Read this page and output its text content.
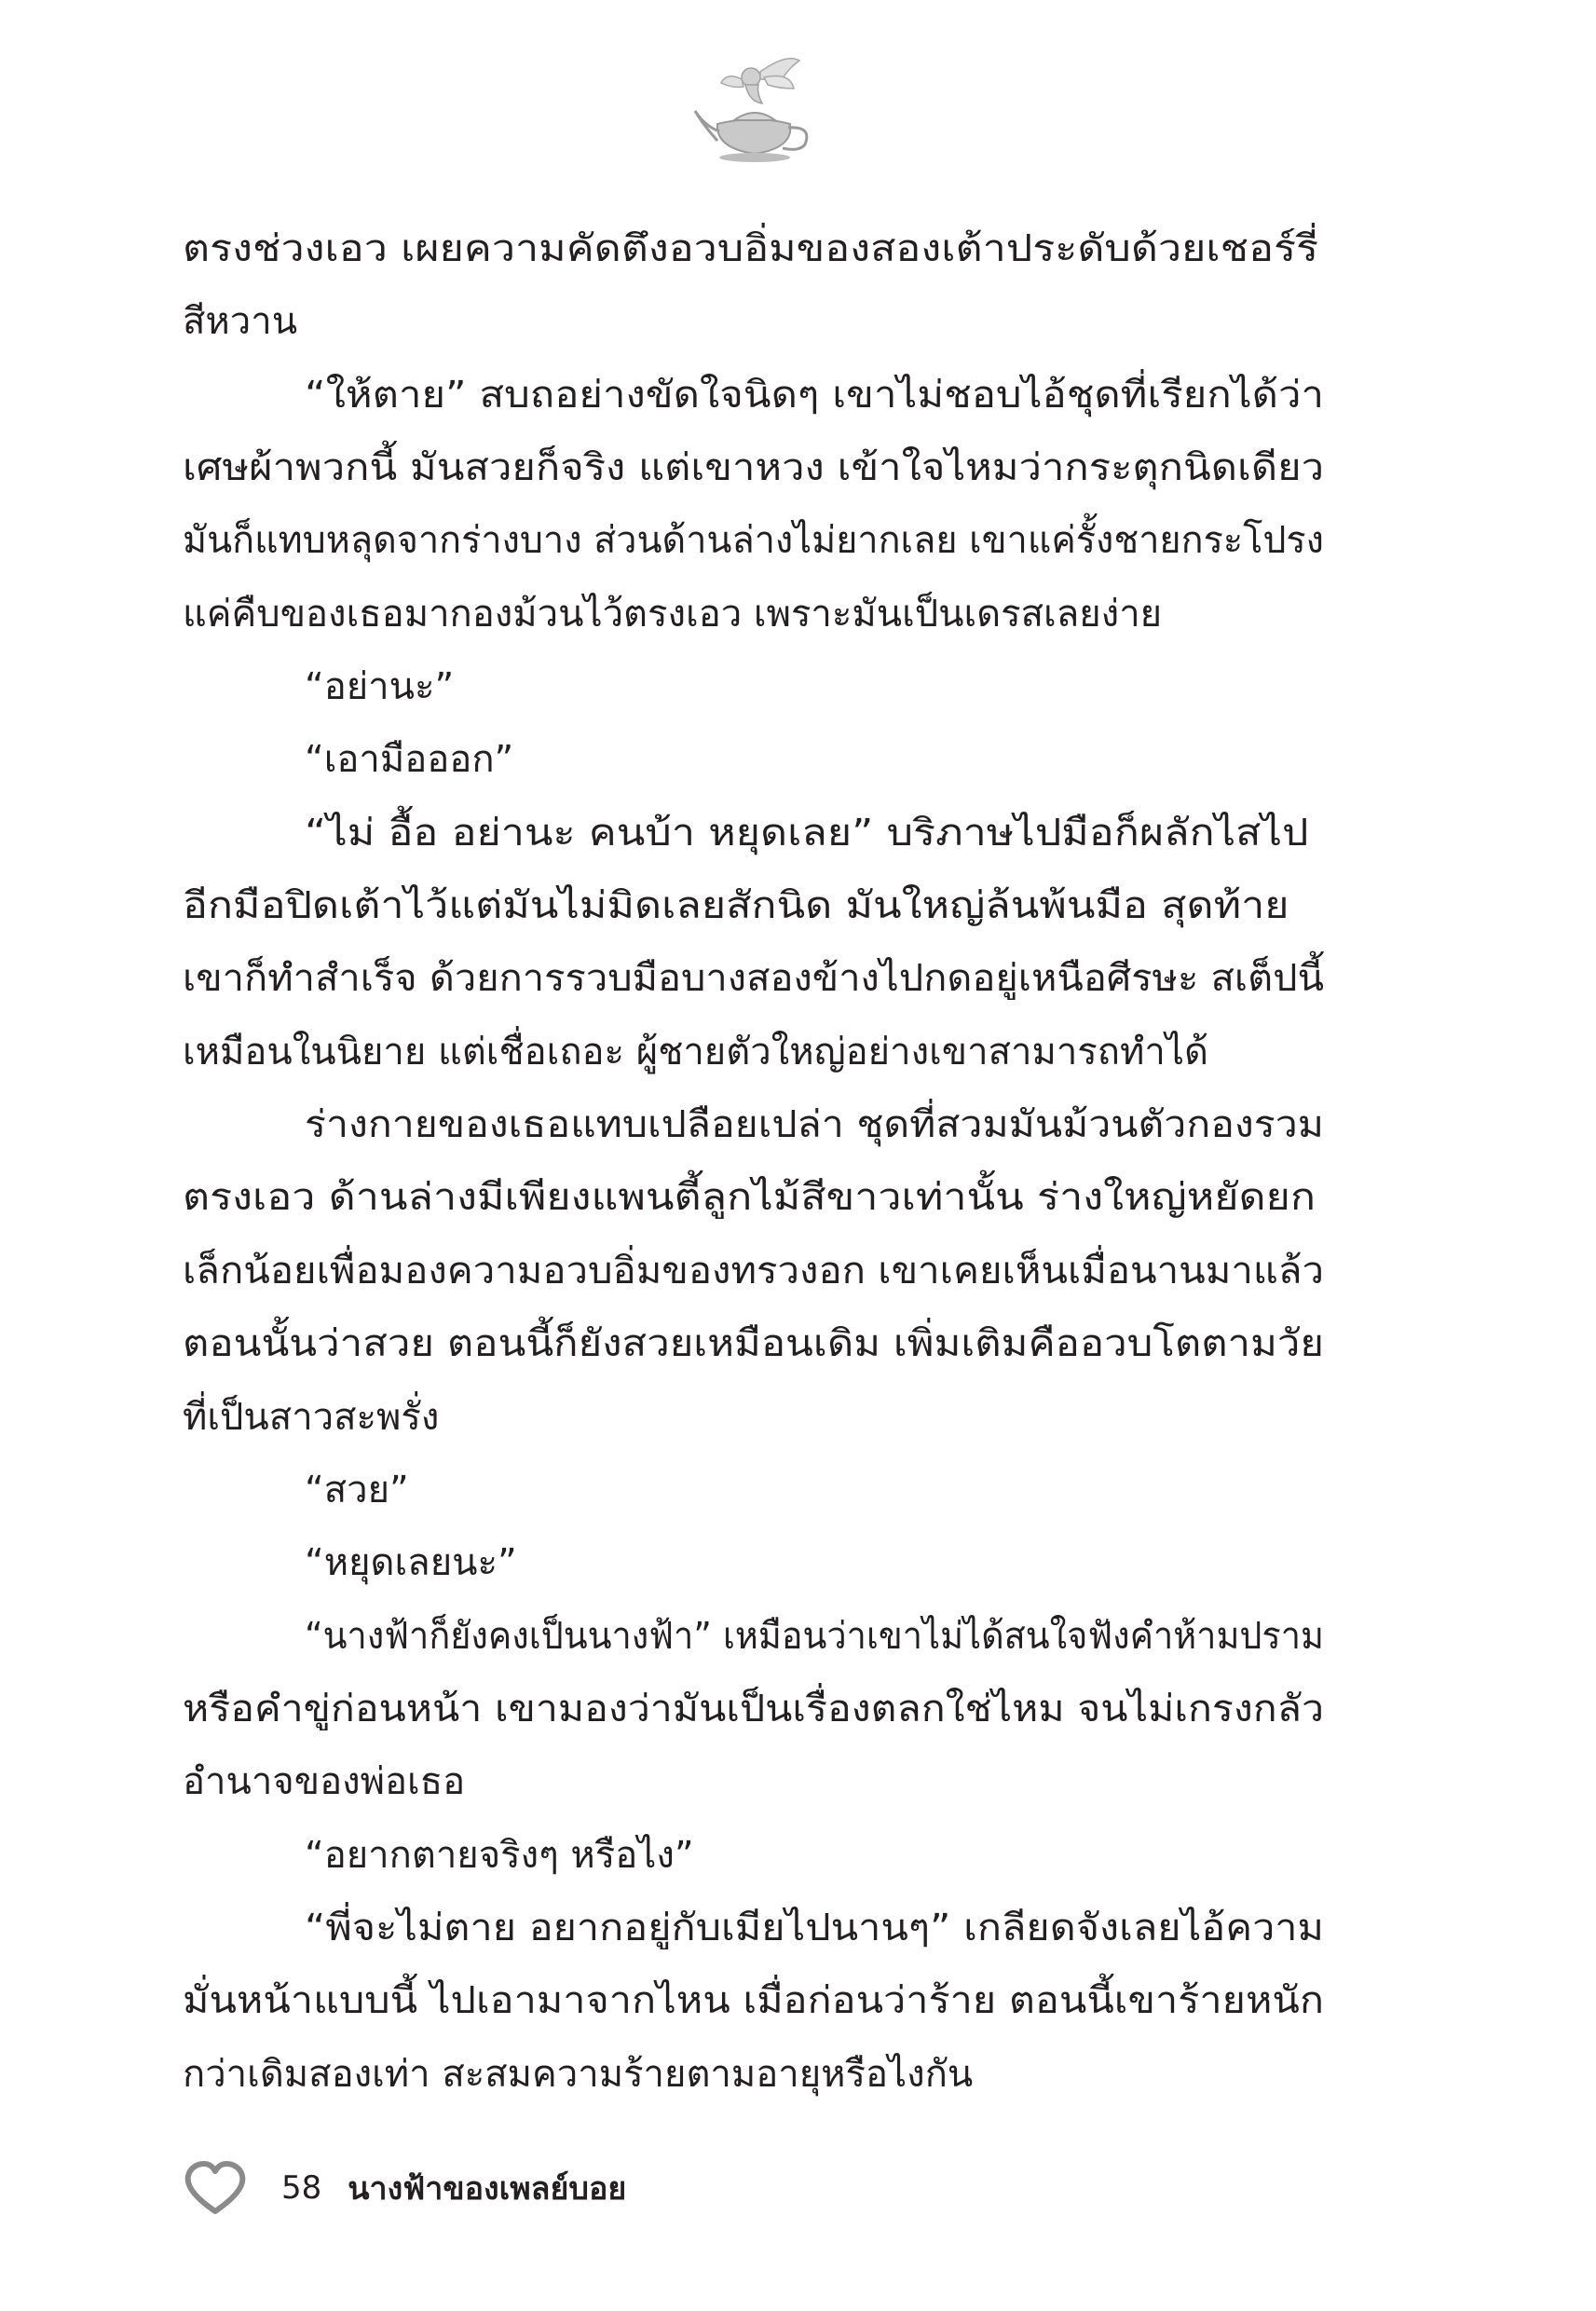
ตรงช่วงเอว เผยความคัดตึงอวบอิ่มของสองเต้าประดับด้วยเชอร์รี่
สีหวาน
“ให้ตาย” สบถอย่างขัดใจนิดๆ เขาไม่ชอบไอ้ชุดที่เรียกได้ว่า
เศษผ้าพวกนี้ มันสวยก็จริง แต่เขาหวง เข้าใจไหมว่ากระตุกนิดเดียว
มันก็แทบหลุดจากร่างบาง ส่วนด้านล่างไม่ยากเลย เขาแค่รั้งชายกระโปรง
แค่คืบของเธอมากองม้วนไว้ตรงเอว เพราะมันเป็นเดรสเลยง่าย
“อย่านะ”
“เอามือออก”
“ไม่ อื้อ อย่านะ คนบ้า หยุดเลย” บริภาษไปมือก็ผลักไสไป
อีกมือปิดเต้าไว้แต่มันไม่มิดเลยสักนิด มันใหญ่ล้นพ้นมือ สุดท้าย
เขาก็ทำสำเร็จ ด้วยการรวบมือบางสองข้างไปกดอยู่เหนือศีรษะ สเต็ปนี้
เหมือนในนิยาย แต่เชื่อเถอะ ผู้ชายตัวใหญ่อย่างเขาสามารถทำได้
ร่างกายของเธอแทบเปลือยเปล่า ชุดที่สวมมันม้วนตัวกองรวม
ตรงเอว ด้านล่างมีเพียงแพนตี้ลูกไม้สีขาวเท่านั้น ร่างใหญ่หยัดยก
เล็กน้อยเพื่อมองความอวบอิ่มของทรวงอก เขาเคยเห็นเมื่อนานมาแล้ว
ตอนนั้นว่าสวย ตอนนี้ก็ยังสวยเหมือนเดิม เพิ่มเติมคืออวบโตตามวัย
ที่เป็นสาวสะพรั่ง
“สวย”
“หยุดเลยนะ”
“นางฟ้าก็ยังคงเป็นนางฟ้า” เหมือนว่าเขาไม่ได้สนใจฟังคำห้ามปราม
หรือคำขู่ก่อนหน้า เขามองว่ามันเป็นเรื่องตลกใช่ไหม จนไม่เกรงกลัว
อำนาจของพ่อเธอ
“อยากตายจริงๆ หรือไง”
“พี่จะไม่ตาย อยากอยู่กับเมียไปนานๆ” เกลียดจังเลยไอ้ความ
มั่นหน้าแบบนี้ ไปเอามาจากไหน เมื่อก่อนว่าร้าย ตอนนี้เขาร้ายหนัก
กว่าเดิมสองเท่า สะสมความร้ายตามอายุหรือไงกัน
58 นางฟ้าของเพลย์บอย
